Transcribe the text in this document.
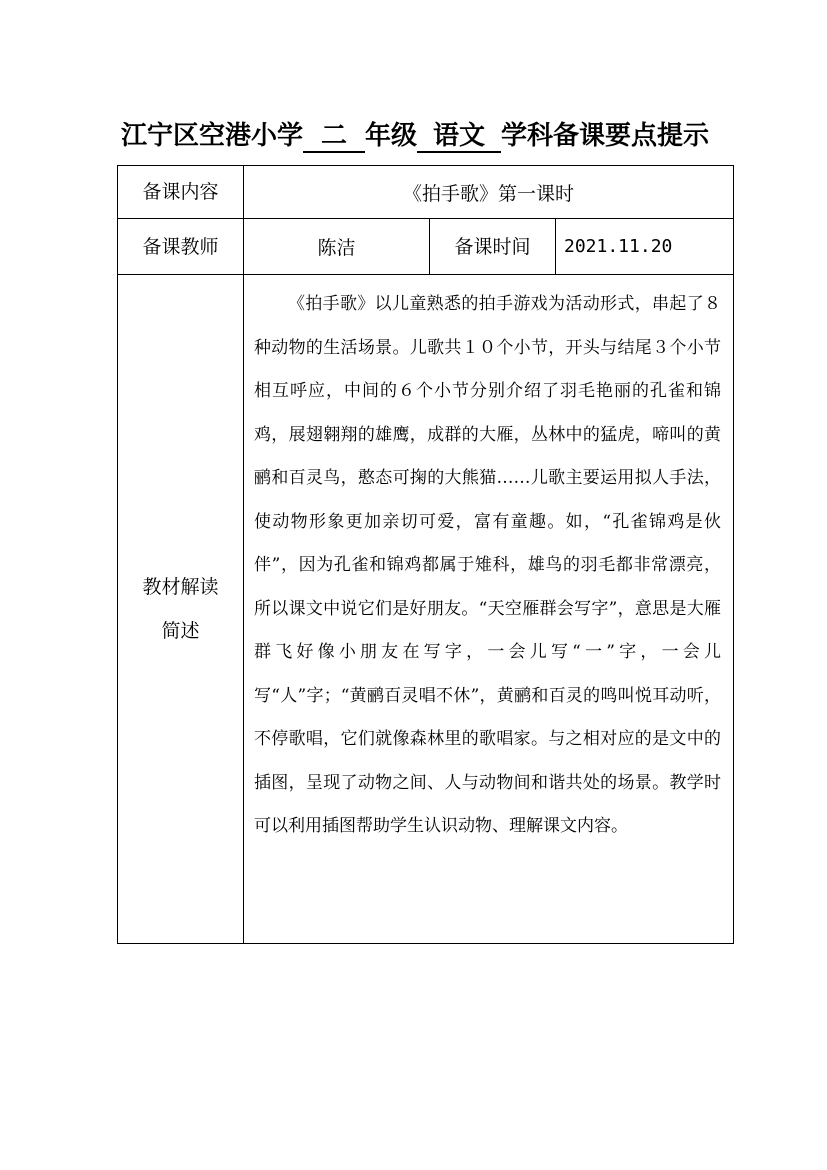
江宁区空港小学 二 年级 语文 学科备课要点提示
备课内容	《拍手歌》第一课时		
备课教师	陈洁	备课时间	2021.11.20

教材解读
简述	《拍手歌》以儿童熟悉的拍手游戏为活动形式，串起了８种动物的生活场景。儿歌共１０个小节，开头与结尾３个小节相互呼应，中间的６个小节分别介绍了羽毛艳丽的孔雀和锦鸡，展翅翱翔的雄鹰，成群的大雁，丛林中的猛虎，啼叫的黄鹂和百灵鸟，憨态可掬的大熊猫……儿歌主要运用拟人手法，使动物形象更加亲切可爱，富有童趣。如，“孔雀锦鸡是伙伴”，因为孔雀和锦鸡都属于雉科，雄鸟的羽毛都非常漂亮，所以课文中说它们是好朋友。“天空雁群会写字”，意思是大雁群飞好像小朋友在写字，一会儿写“一”字，一会儿写“人”字；“黄鹂百灵唱不休”，黄鹂和百灵的鸣叫悦耳动听，不停歌唱，它们就像森林里的歌唱家。与之相对应的是文中的插图，呈现了动物之间、人与动物间和谐共处的场景。教学时可以利用插图帮助学生认识动物、理解课文内容。		
